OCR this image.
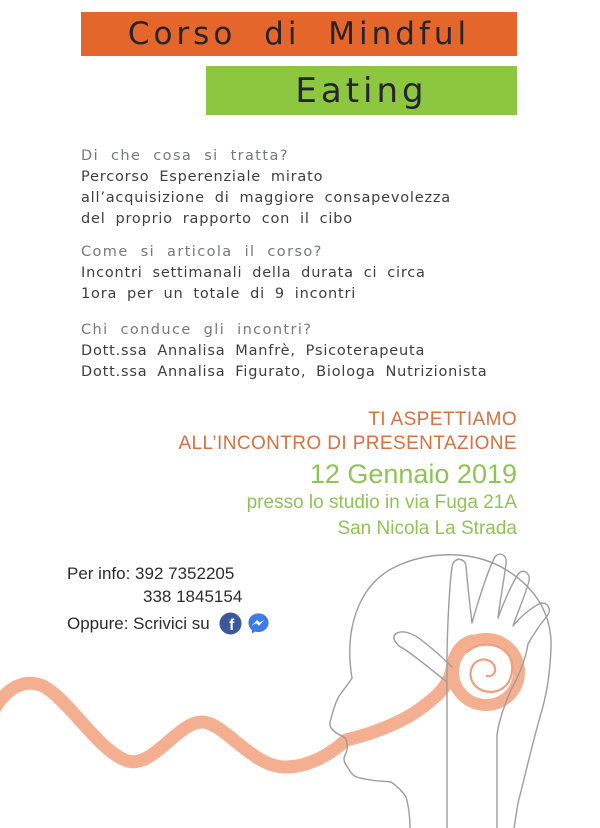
Corso di Mindful
Eating
Di che cosa si tratta?
Percorso Esperenziale mirato
all’acquisizione di maggiore consapevolezza
del proprio rapporto con il cibo
Come si articola il corso?
Incontri settimanali della durata ci circa
1ora per un totale di 9 incontri
Chi conduce gli incontri?
Dott.ssa Annalisa Manfrè, Psicoterapeuta
Dott.ssa Annalisa Figurato, Biologa Nutrizionista
TI ASPETTIAMO
ALL’INCONTRO DI PRESENTAZIONE
12 Gennaio 2019
presso lo studio in via Fuga 21A
San Nicola La Strada
Per info: 392 7352205
338 1845154
Oppure: Scrivici su f
